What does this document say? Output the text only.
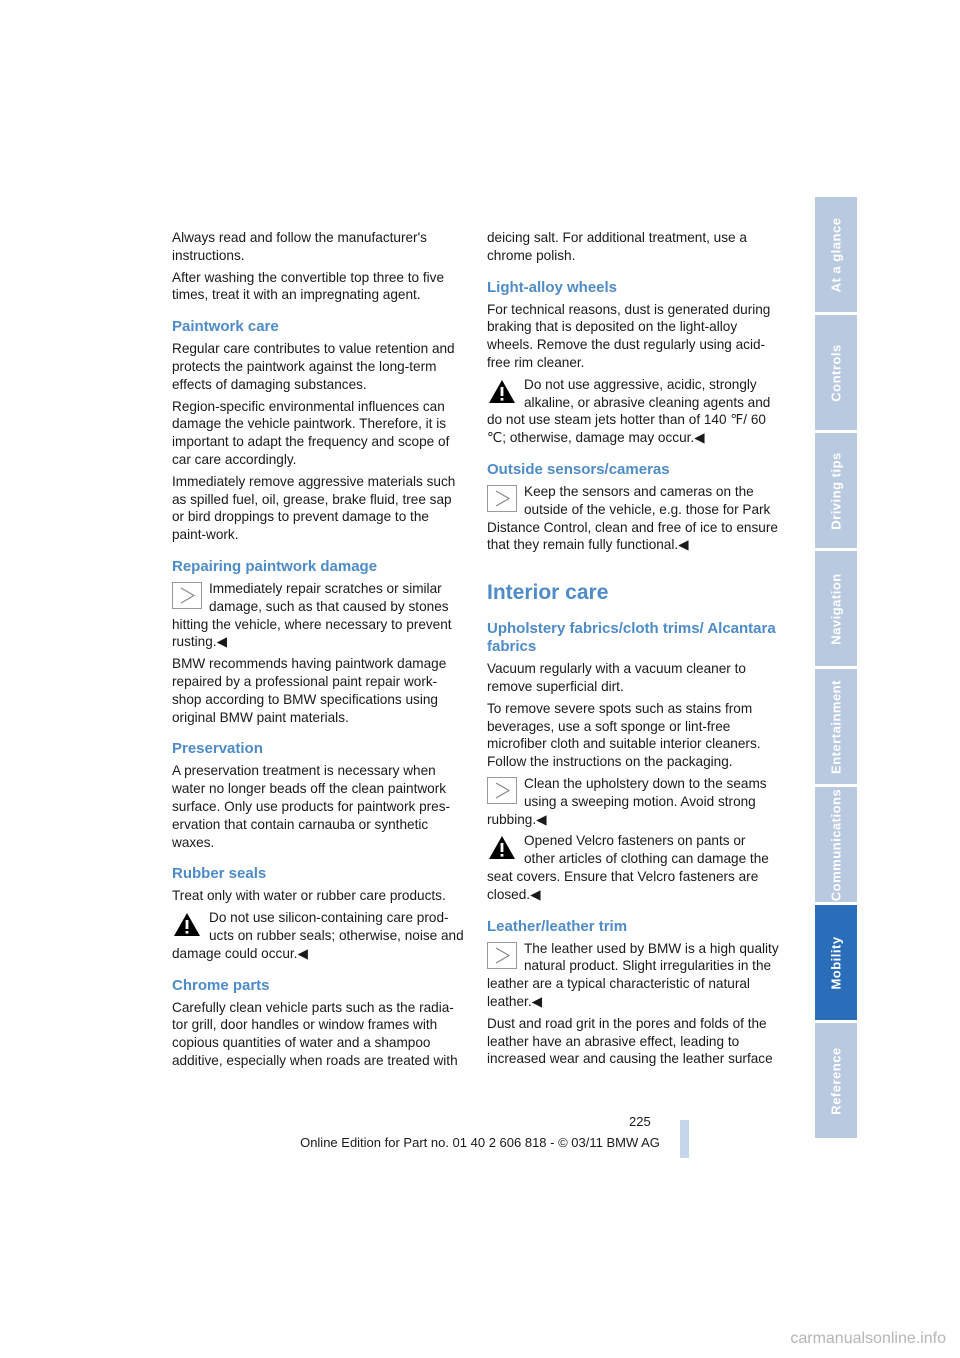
Always read and follow the manufacturer's instructions.

After washing the convertible top three to five times, treat it with an impregnating agent.

Paintwork care

Regular care contributes to value retention and protects the paintwork against the long-term effects of damaging substances.

Region-specific environmental influences can damage the vehicle paintwork. Therefore, it is important to adapt the frequency and scope of car care accordingly.

Immediately remove aggressive materials such as spilled fuel, oil, grease, brake fluid, tree sap or bird droppings to prevent damage to the paint-work.

Repairing paintwork damage
Immediately repair scratches or similar damage, such as that caused by stones hitting the vehicle, where necessary to prevent rusting.◀

BMW recommends having paintwork damage repaired by a professional paint repair work-shop according to BMW specifications using original BMW paint materials.

Preservation

A preservation treatment is necessary when water no longer beads off the clean paintwork surface. Only use products for paintwork pres-ervation that contain carnauba or synthetic waxes.

Rubber seals

Treat only with water or rubber care products.

Do not use silicon-containing care prod-ucts on rubber seals; otherwise, noise and damage could occur.◀
Chrome parts

Carefully clean vehicle parts such as the radia-tor grill, door handles or window frames with copious quantities of water and a shampoo additive, especially when roads are treated with

deicing salt. For additional treatment, use a chrome polish.

Light-alloy wheels

For technical reasons, dust is generated during braking that is deposited on the light-alloy wheels. Remove the dust regularly using acid-free rim cleaner.

Do not use aggressive, acidic, strongly alkaline, or abrasive cleaning agents and do not use steam jets hotter than of 140 ℉/ 60 ℃; otherwise, damage may occur.◀
Outside sensors/cameras
Keep the sensors and cameras on the outside of the vehicle, e.g. those for Park Distance Control, clean and free of ice to ensure that they remain fully functional.◀
Interior care
Upholstery fabrics/cloth trims/ Alcantara fabrics

Vacuum regularly with a vacuum cleaner to remove superficial dirt.

To remove severe spots such as stains from beverages, use a soft sponge or lint-free microfiber cloth and suitable interior cleaners. Follow the instructions on the packaging.

Clean the upholstery down to the seams using a sweeping motion. Avoid strong rubbing.◀
Opened Velcro fasteners on pants or other articles of clothing can damage the seat covers. Ensure that Velcro fasteners are closed.◀
Leather/leather trim
The leather used by BMW is a high quality natural product. Slight irregularities in the leather are a typical characteristic of natural leather.◀

Dust and road grit in the pores and folds of the leather have an abrasive effect, leading to increased wear and causing the leather surface

At a glance
Controls
Driving tips
Navigation
Entertainment
Communications
Mobility
Reference
225
Online Edition for Part no. 01 40 2 606 818 - © 03/11 BMW AG
carmanualsonline.info
